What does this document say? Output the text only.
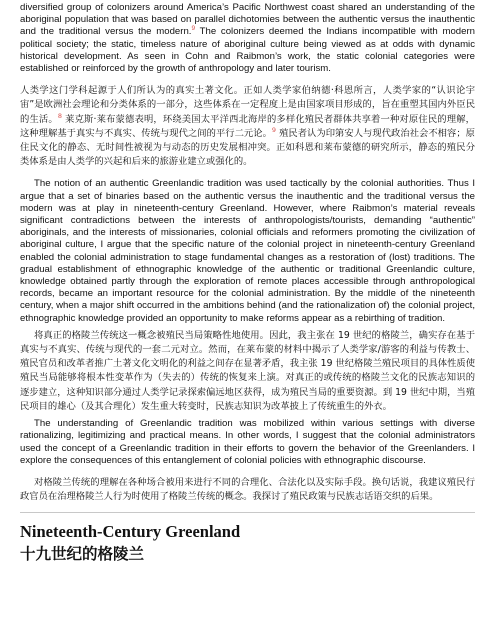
diversified group of colonizers around America’s Pacific Northwest coast shared an understanding of the aboriginal population that was based on parallel dichotomies between the authentic versus the inauthentic and the traditional versus the modern.$^9$ The colonizers deemed the Indians incompatible with modern political society; the static, timeless nature of aboriginal culture being viewed as at odds with dynamic historical development. As seen in Cohn and Raibmon’s work, the static colonial categories were established or reinforced by the growth of anthropology and later tourism.

人类学这门学科起源于人们所认为的真实土著文化。正如人类学家伯纳德·科恩所言，人类学家的“认识论宇宙”是欧洲社会理论和分类体系的一部分，这些体系在一定程度上是由国家项目形成的，旨在重塑其国内外臣民的生活。$^8$ 莱克斯·莱布蒙德表明，环绕美国太平洋西北海岸的多样化殖民者群体共享着一种对原住民的理解，这种理解基于真实与不真实、传统与现代之间的平行二元论。$^9$ 殖民者认为印第安人与现代政治社会不相容；原住民文化的静态、无时间性被视为与动态的历史发展相冲突。正如科恩和莱布蒙德的研究所示，静态的殖民分类体系是由人类学的兴起和后来的旅游业建立或强化的。

The notion of an authentic Greenlandic tradition was used tactically by the colonial authorities. Thus I argue that a set of binaries based on the authentic versus the inauthentic and the traditional versus the modern was at play in nineteenth-century Greenland. However, where Raibmon’s material reveals significant contradictions between the interests of anthropologists/tourists, demanding “authentic” aboriginals, and the interests of missionaries, colonial officials and reformers promoting the civilization of aboriginal culture, I argue that the specific nature of the colonial project in nineteenth-century Greenland enabled the colonial administration to stage fundamental changes as a restoration of (lost) traditions. The gradual establishment of ethnographic knowledge of the authentic or traditional Greenlandic culture, knowledge obtained partly through the exploration of remote places accessible through anthropological records, became an important resource for the colonial administration. By the middle of the nineteenth century, when a major shift occurred in the ambitions behind (and the rationalization of) the colonial project, ethnographic knowledge provided an opportunity to make reforms appear as a rebirthing of tradition.

将真正的格陵兰传统这一概念被殖民当局策略性地使用。因此，我主张在 19 世纪的格陵兰，确实存在基于真实与不真实、传统与现代的一套二元对立。然而，在莱布蒙的材料中揭示了人类学家/游客的利益与传教士、殖民官员和改革者推广土著文化文明化的利益之间存在显著矛盾，我主张 19 世纪格陵兰殖民项目的具体性质使殖民当局能够将根本性变革作为（失去的）传统的恢复来上演。对真正的或传统的格陵兰文化的民族志知识的逐步建立，这种知识部分通过人类学记录探索偏远地区获得，成为殖民当局的重要资源。到 19 世纪中期，当殖民项目的雄心（及其合理化）发生重大转变时，民族志知识为改革披上了传统重生的外衣。

The understanding of Greenlandic tradition was mobilized within various settings with diverse rationalizing, legitimizing and practical means. In other words, I suggest that the colonial administrators used the concept of a Greenlandic tradition in their efforts to govern the behavior of the Greenlanders. I explore the consequences of this entanglement of colonial policies with ethnographic discourse.

对格陵兰传统的理解在各种场合被用来进行不同的合理化、合法化以及实际手段。换句话说，我建议殖民行政官员在治理格陵兰人行为时使用了格陵兰传统的概念。我探讨了殖民政策与民族志话语交织的后果。

Nineteenth-Century Greenland
十九世纪的格陵兰
